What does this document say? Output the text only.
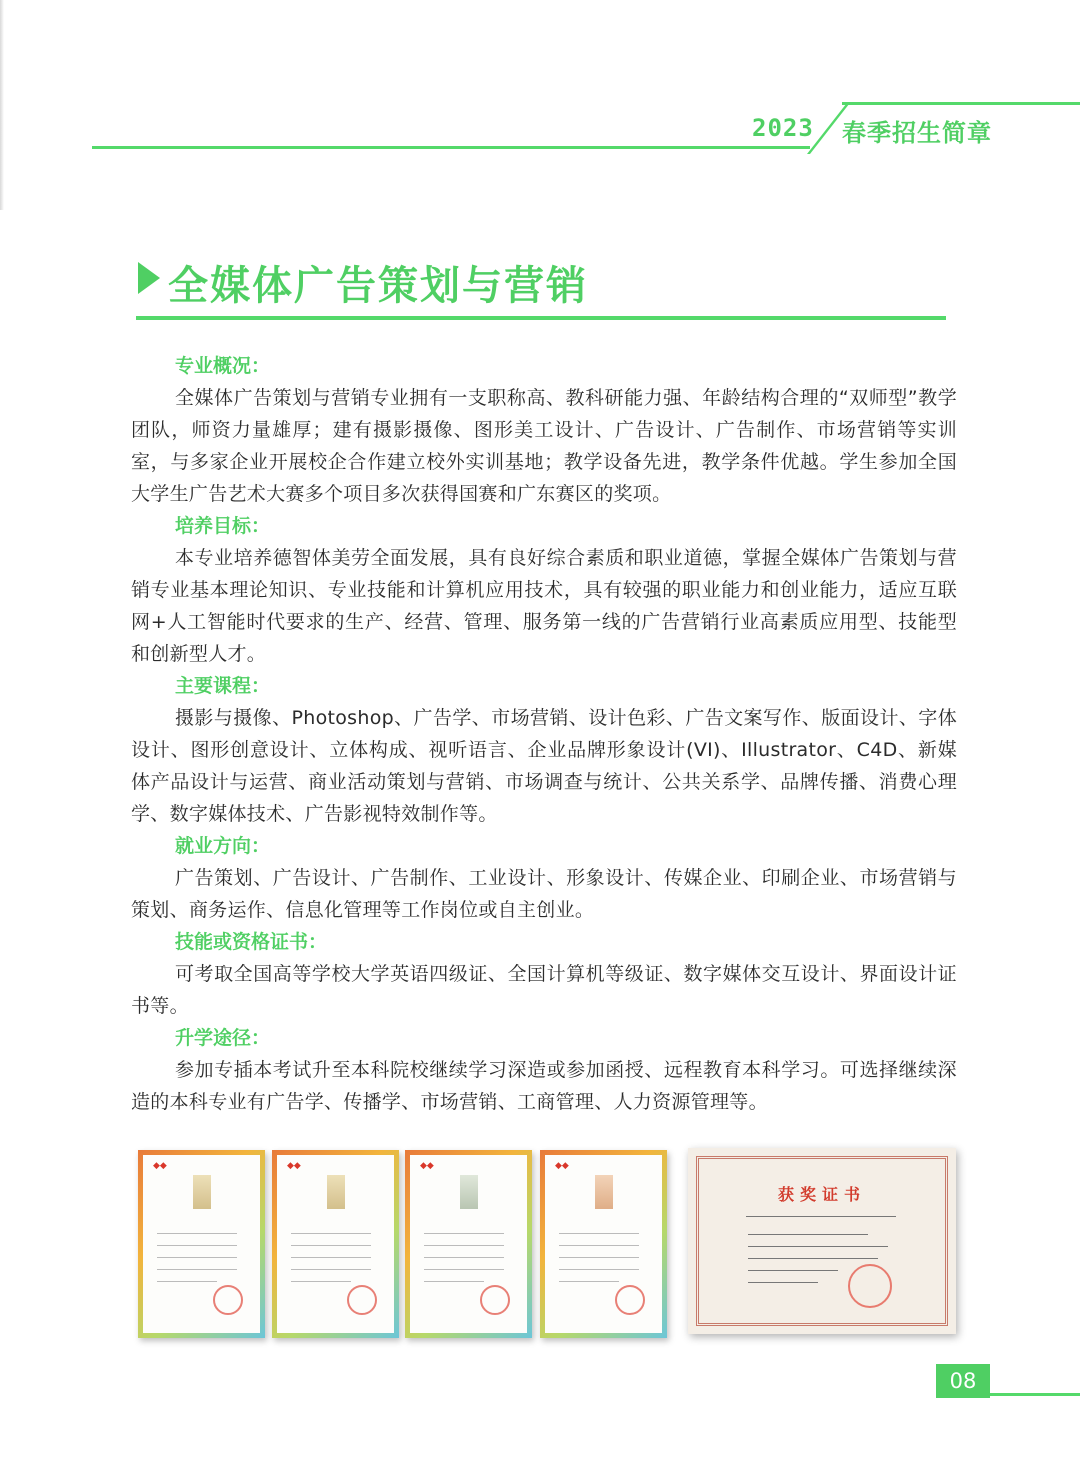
2023 春季招生简章
全媒体广告策划与营销
专业概况：

全媒体广告策划与营销专业拥有一支职称高、教科研能力强、年龄结构合理的“双师型”教学团队，师资力量雄厚；建有摄影摄像、图形美工设计、广告设计、广告制作、市场营销等实训室，与多家企业开展校企合作建立校外实训基地；教学设备先进，教学条件优越。学生参加全国大学生广告艺术大赛多个项目多次获得国赛和广东赛区的奖项。

培养目标：

本专业培养德智体美劳全面发展，具有良好综合素质和职业道德，掌握全媒体广告策划与营销专业基本理论知识、专业技能和计算机应用技术，具有较强的职业能力和创业能力，适应互联网+人工智能时代要求的生产、经营、管理、服务第一线的广告营销行业高素质应用型、技能型和创新型人才。

主要课程：

摄影与摄像、Photoshop、广告学、市场营销、设计色彩、广告文案写作、版面设计、字体设计、图形创意设计、立体构成、视听语言、企业品牌形象设计(VI)、Illustrator、C4D、新媒体产品设计与运营、商业活动策划与营销、市场调查与统计、公共关系学、品牌传播、消费心理学、数字媒体技术、广告影视特效制作等。

就业方向：

广告策划、广告设计、广告制作、工业设计、形象设计、传媒企业、印刷企业、市场营销与策划、商务运作、信息化管理等工作岗位或自主创业。

技能或资格证书：

可考取全国高等学校大学英语四级证、全国计算机等级证、数字媒体交互设计、界面设计证书等。

升学途径：

参加专插本考试升至本科院校继续学习深造或参加函授、远程教育本科学习。可选择继续深造的本科专业有广告学、传播学、市场营销、工商管理、人力资源管理等。

◆◆	◆◆	◆◆	◆◆
获奖证书
08
